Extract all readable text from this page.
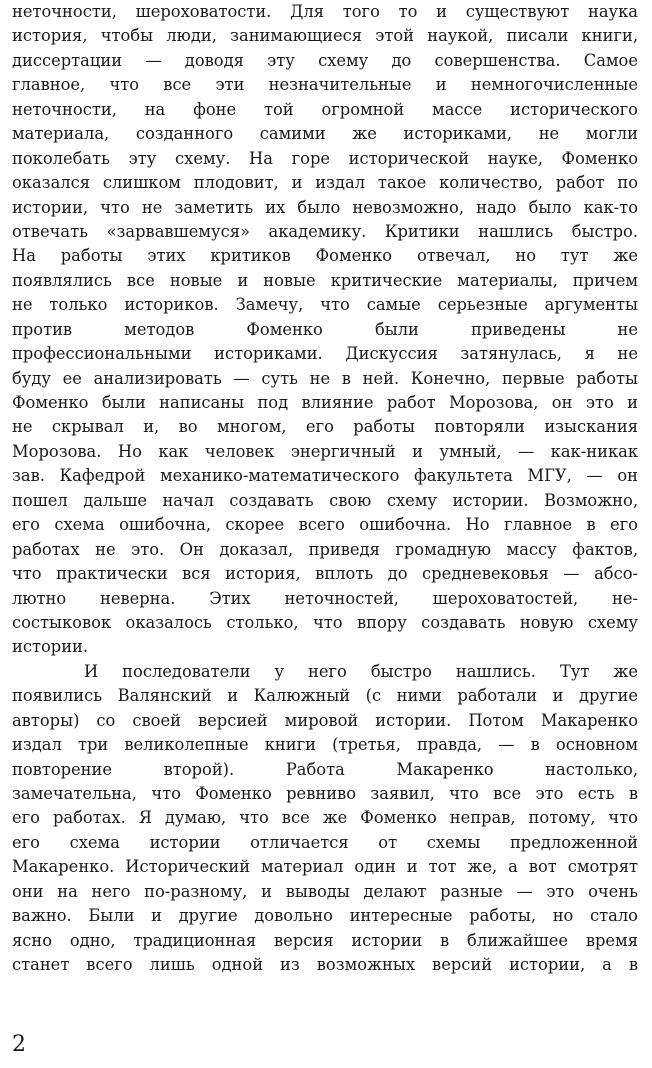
неточности, шероховатости. Для того то и существуют наука
история, чтобы люди, занимающиеся этой наукой, писали книги,
диссертации — доводя эту схему до совершенства. Самое
главное, что все эти незначительные и немногочисленные
неточности, на фоне той огромной массе исторического
материала, созданного самими же историками, не могли
поколебать эту схему. На горе исторической науке, Фоменко
оказался слишком плодовит, и издал такое количество, работ по
истории, что не заметить их было невозможно, надо было как-то
отвечать «зарвавшемуся» академику. Критики нашлись быстро.
На работы этих критиков Фоменко отвечал, но тут же
появлялись все новые и новые критические материалы, причем
не только историков. Замечу, что самые серьезные аргументы
против методов Фоменко были приведены не
профессиональными историками. Дискуссия затянулась, я не
буду ее анализировать — суть не в ней. Конечно, первые работы
Фоменко были написаны под влияние работ Морозова, он это и
не скрывал и, во многом, его работы повторяли изыскания
Морозова. Но как человек энергичный и умный, — как-никак
зав. Кафедрой механико-математического факультета МГУ, — он
пошел дальше начал создавать свою схему истории. Возможно,
его схема ошибочна, скорее всего ошибочна. Но главное в его
работах не это. Он доказал, приведя громадную массу фактов,
что практически вся история, вплоть до средневековья — абсо-
лютно неверна. Этих неточностей, шероховатостей, не-
состыковок оказалось столько, что впору создавать новую схему
истории.
И последователи у него быстро нашлись. Тут же
появились Валянский и Калюжный (с ними работали и другие
авторы) со своей версией мировой истории. Потом Макаренко
издал три великолепные книги (третья, правда, — в основном
повторение второй). Работа Макаренко настолько,
замечательна, что Фоменко ревниво заявил, что все это есть в
его работах. Я думаю, что все же Фоменко неправ, потому, что
его схема истории отличается от схемы предложенной
Макаренко. Исторический материал один и тот же, а вот смотрят
они на него по-разному, и выводы делают разные — это очень
важно. Были и другие довольно интересные работы, но стало
ясно одно, традиционная версия истории в ближайшее время
станет всего лишь одной из возможных версий истории, а в
2
